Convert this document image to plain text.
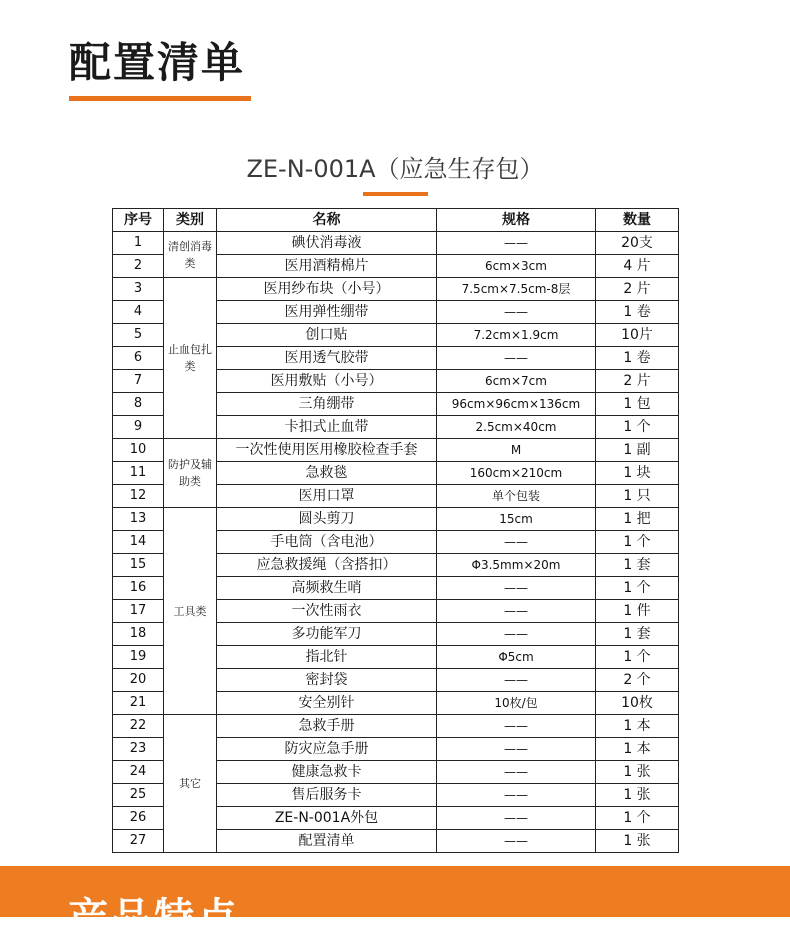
配置清单
ZE-N-001A（应急生存包）
序号	类别	名称	规格	数量
1	清创消毒类	碘伏消毒液	——	20支
2		医用酒精棉片	6cm×3cm	4 片
3	止血包扎类	医用纱布块（小号）	7.5cm×7.5cm-8层	2 片
4		医用弹性绷带	——	1 卷
5		创口贴	7.2cm×1.9cm	10片
6		医用透气胶带	——	1 卷
7		医用敷贴（小号）	6cm×7cm	2 片
8		三角绷带	96cm×96cm×136cm	1 包
9		卡扣式止血带	2.5cm×40cm	1 个
10	防护及辅助类	一次性使用医用橡胶检查手套	M	1 副
11		急救毯	160cm×210cm	1 块
12		医用口罩	单个包装	1 只
13	工具类	圆头剪刀	15cm	1 把
14		手电筒（含电池）	——	1 个
15		应急救援绳（含搭扣）	Φ3.5mm×20m	1 套
16		高频救生哨	——	1 个
17		一次性雨衣	——	1 件
18		多功能军刀	——	1 套
19		指北针	Φ5cm	1 个
20		密封袋	——	2 个
21		安全别针	10枚/包	10枚
22	其它	急救手册	——	1 本
23		防灾应急手册	——	1 本
24		健康急救卡	——	1 张
25		售后服务卡	——	1 张
26		ZE-N-001A外包	——	1 个
27		配置清单	——	1 张
产品特点
